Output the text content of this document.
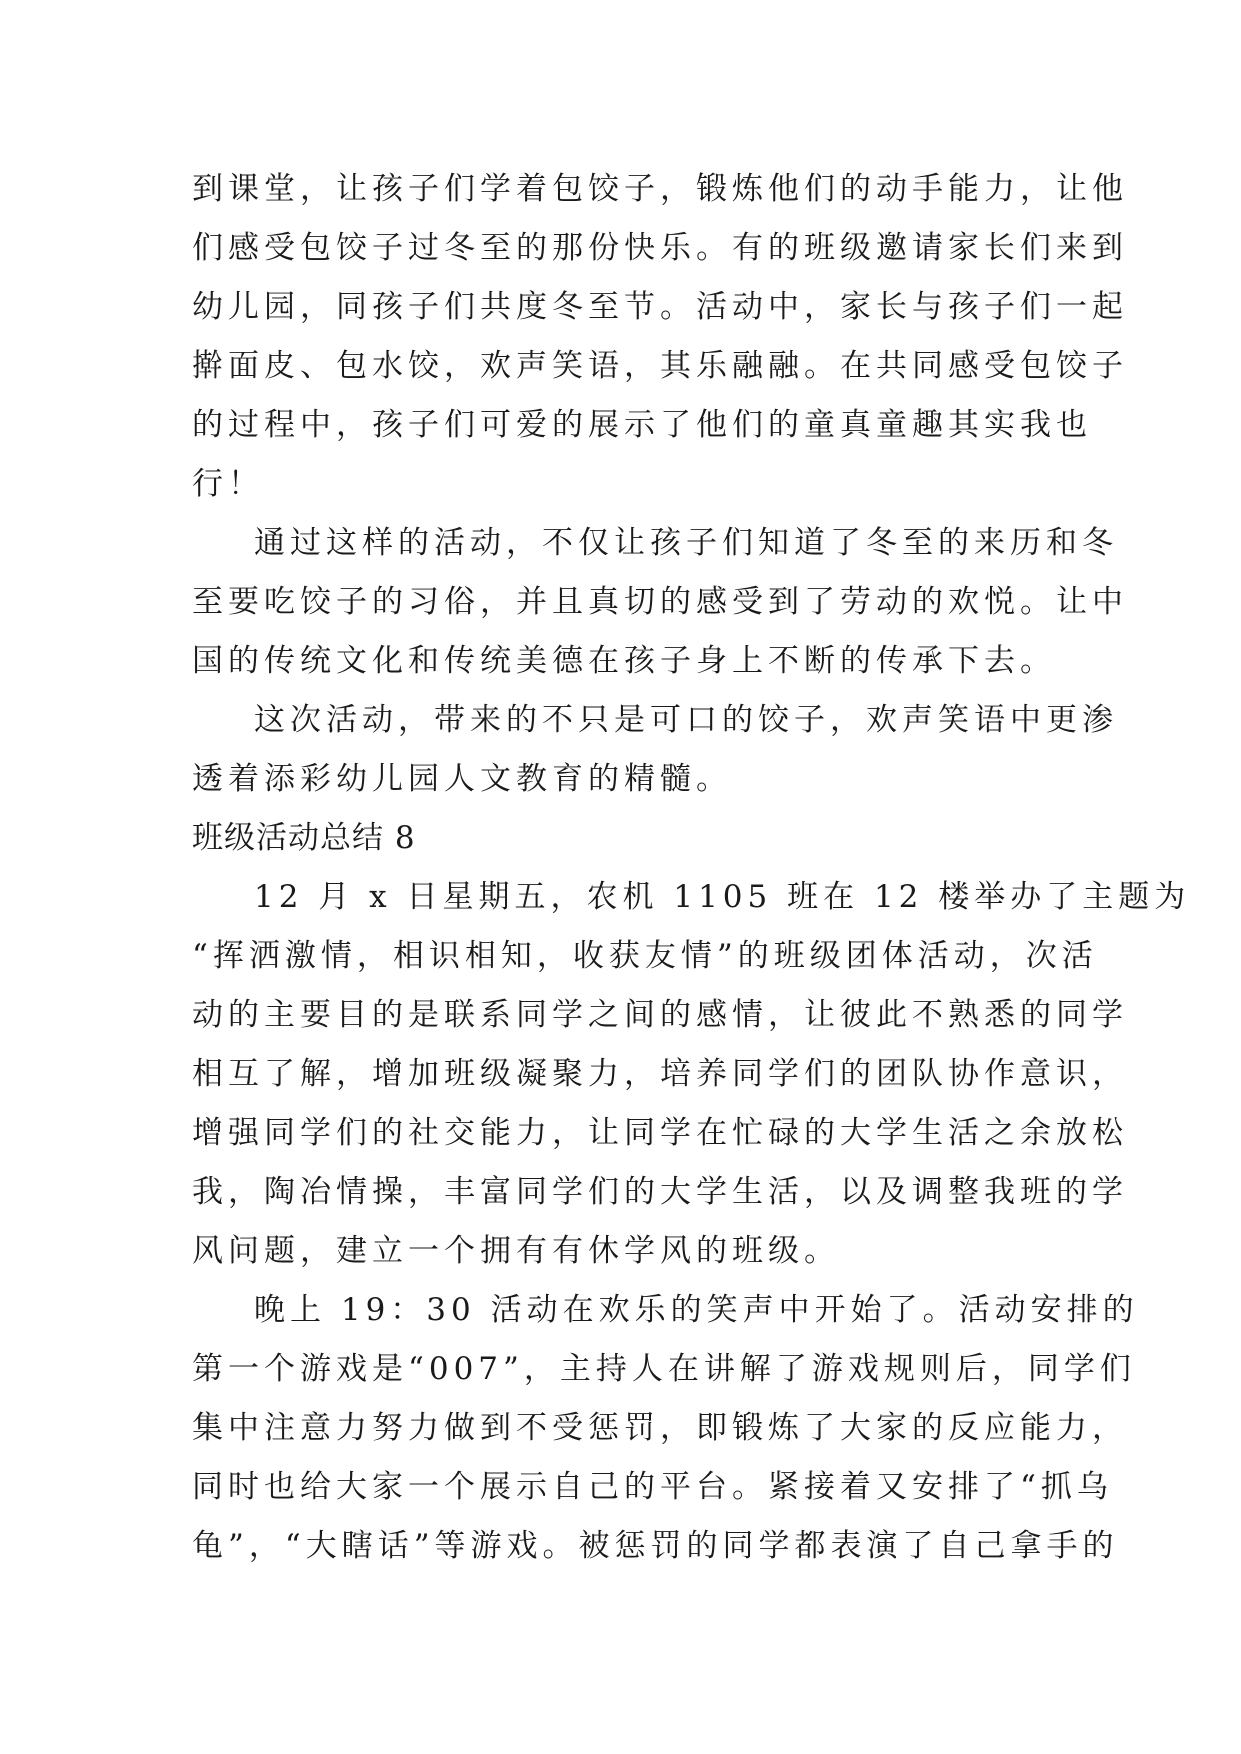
到课堂，让孩子们学着包饺子，锻炼他们的动手能力，让他
们感受包饺子过冬至的那份快乐。有的班级邀请家长们来到
幼儿园，同孩子们共度冬至节。活动中，家长与孩子们一起
擀面皮、包水饺，欢声笑语，其乐融融。在共同感受包饺子
的过程中，孩子们可爱的展示了他们的童真童趣其实我也
行！
通过这样的活动，不仅让孩子们知道了冬至的来历和冬
至要吃饺子的习俗，并且真切的感受到了劳动的欢悦。让中
国的传统文化和传统美德在孩子身上不断的传承下去。
这次活动，带来的不只是可口的饺子，欢声笑语中更渗
透着添彩幼儿园人文教育的精髓。
班级活动总结 8
12 月 x 日星期五，农机 1105 班在 12 楼举办了主题为
“挥洒激情，相识相知，收获友情”的班级团体活动，次活
动的主要目的是联系同学之间的感情，让彼此不熟悉的同学
相互了解，增加班级凝聚力，培养同学们的团队协作意识，
增强同学们的社交能力，让同学在忙碌的大学生活之余放松
我，陶冶情操，丰富同学们的大学生活，以及调整我班的学
风问题，建立一个拥有有休学风的班级。
晚上 19：30 活动在欢乐的笑声中开始了。活动安排的
第一个游戏是“007”，主持人在讲解了游戏规则后，同学们
集中注意力努力做到不受惩罚，即锻炼了大家的反应能力，
同时也给大家一个展示自己的平台。紧接着又安排了“抓乌
龟”，“大瞎话”等游戏。被惩罚的同学都表演了自己拿手的
